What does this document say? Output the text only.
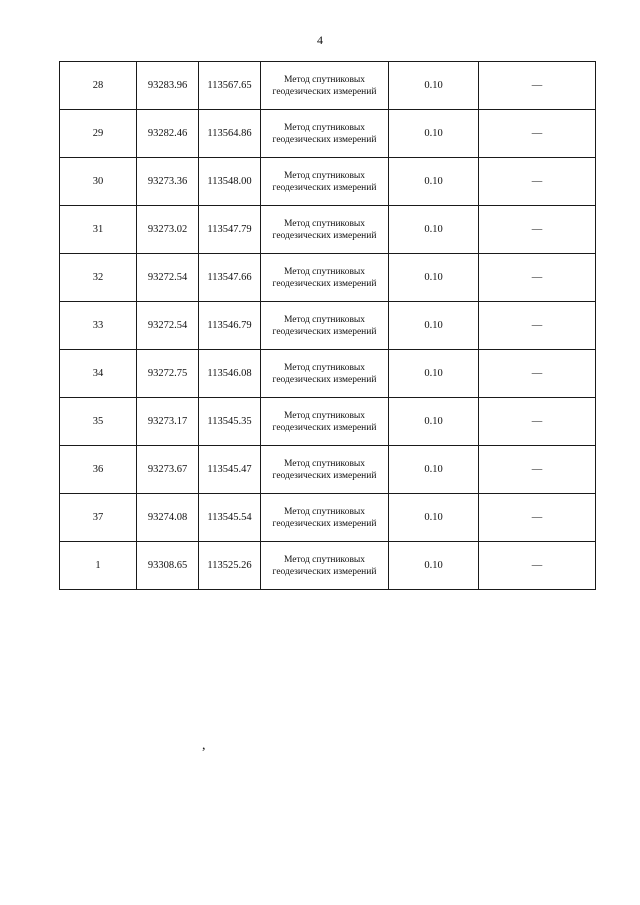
4
28	93283.96	113567.65	Метод спутниковых
геодезических измерений	0.10	—
29	93282.46	113564.86	Метод спутниковых
геодезических измерений	0.10	—
30	93273.36	113548.00	Метод спутниковых
геодезических измерений	0.10	—
31	93273.02	113547.79	Метод спутниковых
геодезических измерений	0.10	—
32	93272.54	113547.66	Метод спутниковых
геодезических измерений	0.10	—
33	93272.54	113546.79	Метод спутниковых
геодезических измерений	0.10	—
34	93272.75	113546.08	Метод спутниковых
геодезических измерений	0.10	—
35	93273.17	113545.35	Метод спутниковых
геодезических измерений	0.10	—
36	93273.67	113545.47	Метод спутниковых
геодезических измерений	0.10	—
37	93274.08	113545.54	Метод спутниковых
геодезических измерений	0.10	—
1	93308.65	113525.26	Метод спутниковых
геодезических измерений	0.10	—
,
